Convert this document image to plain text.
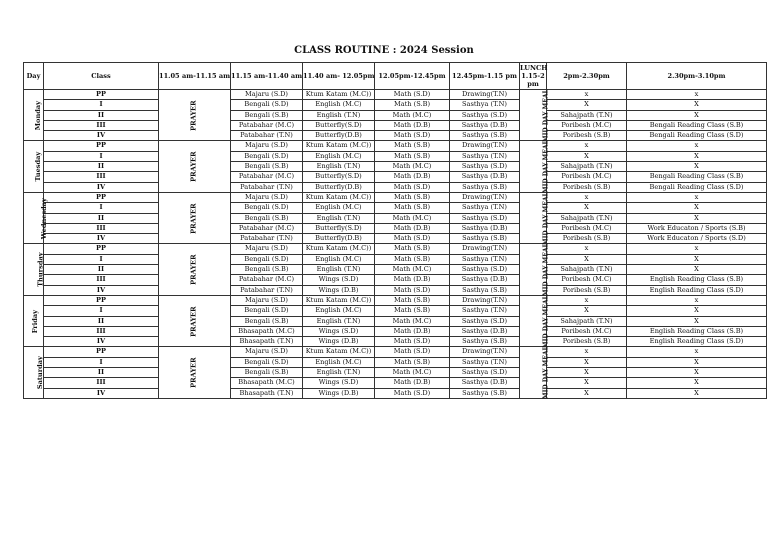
CLASS ROUTINE : 2024 Session
Day	Class	11.05 am-11.15 am	11.15 am-11.40 am	11.40 am- 12.05pm	12.05pm-12.45pm	12.45pm-1.15 pm	LUNCH 1.15-2 pm	2pm-2.30pm	2.30pm-3.10pm
Monday	PP	PRAYER	Majaru (S.D)	Ktum Katam (M.C))	Math (S.D)	Drawing(T.N)	MID DAY MEAL	x	x
	I		Bengali (S.D)	English (M.C)	Math (S.B)	Sasthya (T.N)		X	X
	II		Bengali (S.B)	English (T.N)	Math (M.C)	Sasthya (S.D)		Sahajpath (T.N)	X
	III		Patabahar (M.C)	Butterfly(S.D)	Math (D.B)	Sasthya (D.B)		Poribesh (M.C)	Bengali Reading Class (S.B)
	IV		Patabahar (T.N)	Butterfly(D.B)	Math (S.D)	Sasthya (S.B)		Poribesh (S.B)	Bengali Reading Class (S.D)
Tuesday	PP	PRAYER	Majaru (S.D)	Ktum Katam (M.C))	Math (S.B)	Drawing(T.N)	MID DAY MEAL	x	x
	I		Bengali (S.D)	English (M.C)	Math (S.B)	Sasthya (T.N)		X	X
	II		Bengali (S.B)	English (T.N)	Math (M.C)	Sasthya (S.D)		Sahajpath (T.N)	X
	III		Patabahar (M.C)	Butterfly(S.D)	Math (D.B)	Sasthya (D.B)		Poribesh (M.C)	Bengali Reading Class (S.B)
	IV		Patabahar (T.N)	Butterfly(D.B)	Math (S.D)	Sasthya (S.B)		Poribesh (S.B)	Bengali Reading Class (S.D)
Wednesday	PP	PRAYER	Majaru (S.D)	Ktum Katam (M.C))	Math (S.B)	Drawing(T.N)	MID DAY MEAL	x	x
	I		Bengali (S.D)	English (M.C)	Math (S.B)	Sasthya (T.N)		X	X
	II		Bengali (S.B)	English (T.N)	Math (M.C)	Sasthya (S.D)		Sahajpath (T.N)	X
	III		Patabahar (M.C)	Butterfly(S.D)	Math (D.B)	Sasthya (D.B)		Poribesh (M.C)	Work Educaton / Sports (S.B)
	IV		Patabahar (T.N)	Butterfly(D.B)	Math (S.D)	Sasthya (S.B)		Poribesh (S.B)	Work Educaton / Sports (S.D)
Thursday	PP	PRAYER	Majaru (S.D)	Ktum Katam (M.C))	Math (S.B)	Drawing(T.N)	MID DAY MEAL	x	x
	I		Bengali (S.D)	English (M.C)	Math (S.B)	Sasthya (T.N)		X	X
	II		Bengali (S.B)	English (T.N)	Math (M.C)	Sasthya (S.D)		Sahajpath (T.N)	X
	III		Patabahar (M.C)	Wings (S.D)	Math (D.B)	Sasthya (D.B)		Poribesh (M.C)	English Reading Class (S.B)
	IV		Patabahar (T.N)	Wings (D.B)	Math (S.D)	Sasthya (S.B)		Poribesh (S.B)	English Reading Class (S.D)
Friday	PP	PRAYER	Majaru (S.D)	Ktum Katam (M.C))	Math (S.B)	Drawing(T.N)	MID DAY MEAL	x	x
	I		Bengali (S.D)	English (M.C)	Math (S.B)	Sasthya (T.N)		X	X
	II		Bengali (S.B)	English (T.N)	Math (M.C)	Sasthya (S.D)		Sahajpath (T.N)	X
	III		Bhasapath (M.C)	Wings (S.D)	Math (D.B)	Sasthya (D.B)		Poribesh (M.C)	English Reading Class (S.B)
	IV		Bhasapath (T.N)	Wings (D.B)	Math (S.D)	Sasthya (S.B)		Poribesh (S.B)	English Reading Class (S.D)
Saturday	PP	PRAYER	Majaru (S.D)	Ktum Katam (M.C))	Math (S.D)	Drawing(T.N)	MID DAY MEAL	x	x
	I		Bengali (S.D)	English (M.C)	Math (S.B)	Sasthya (T.N)		X	X
	II		Bengali (S.B)	English (T.N)	Math (M.C)	Sasthya (S.D)		X	X
	III		Bhasapath (M.C)	Wings (S.D)	Math (D.B)	Sasthya (D.B)		X	X
	IV		Bhasapath (T.N)	Wings (D.B)	Math (S.D)	Sasthya (S.B)		X	X
